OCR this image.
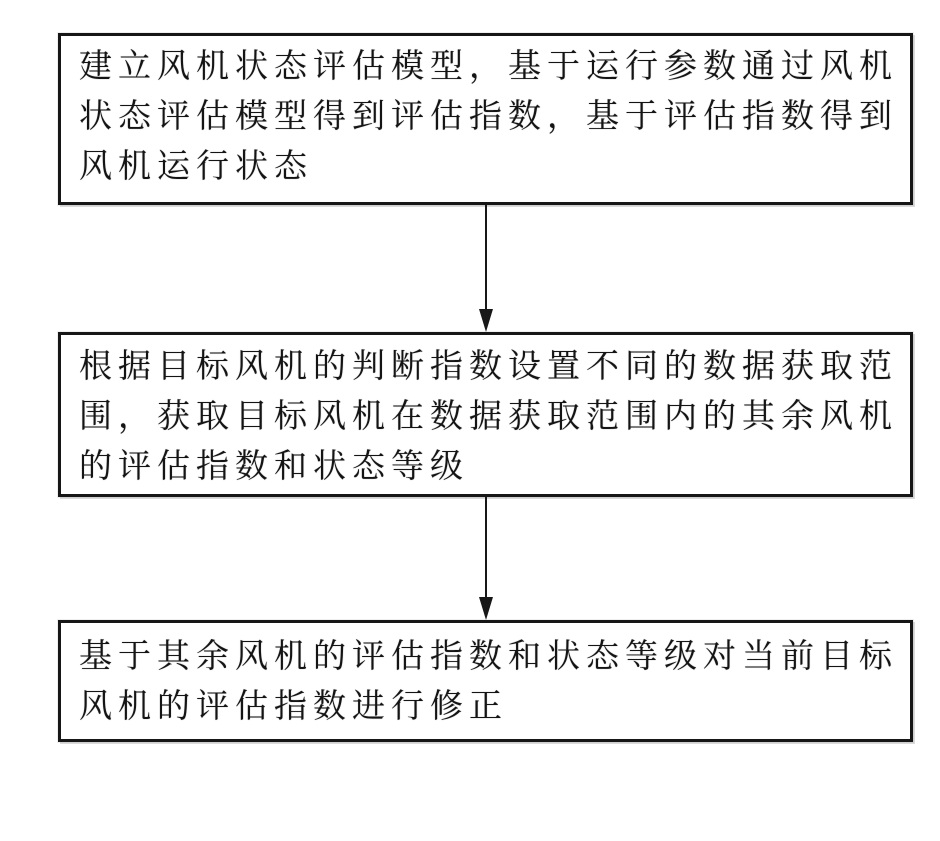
建立风机状态评估模型，基于运行参数通过风机
状态评估模型得到评估指数，基于评估指数得到
风机运行状态
根据目标风机的判断指数设置不同的数据获取范
围，获取目标风机在数据获取范围内的其余风机
的评估指数和状态等级
基于其余风机的评估指数和状态等级对当前目标
风机的评估指数进行修正
